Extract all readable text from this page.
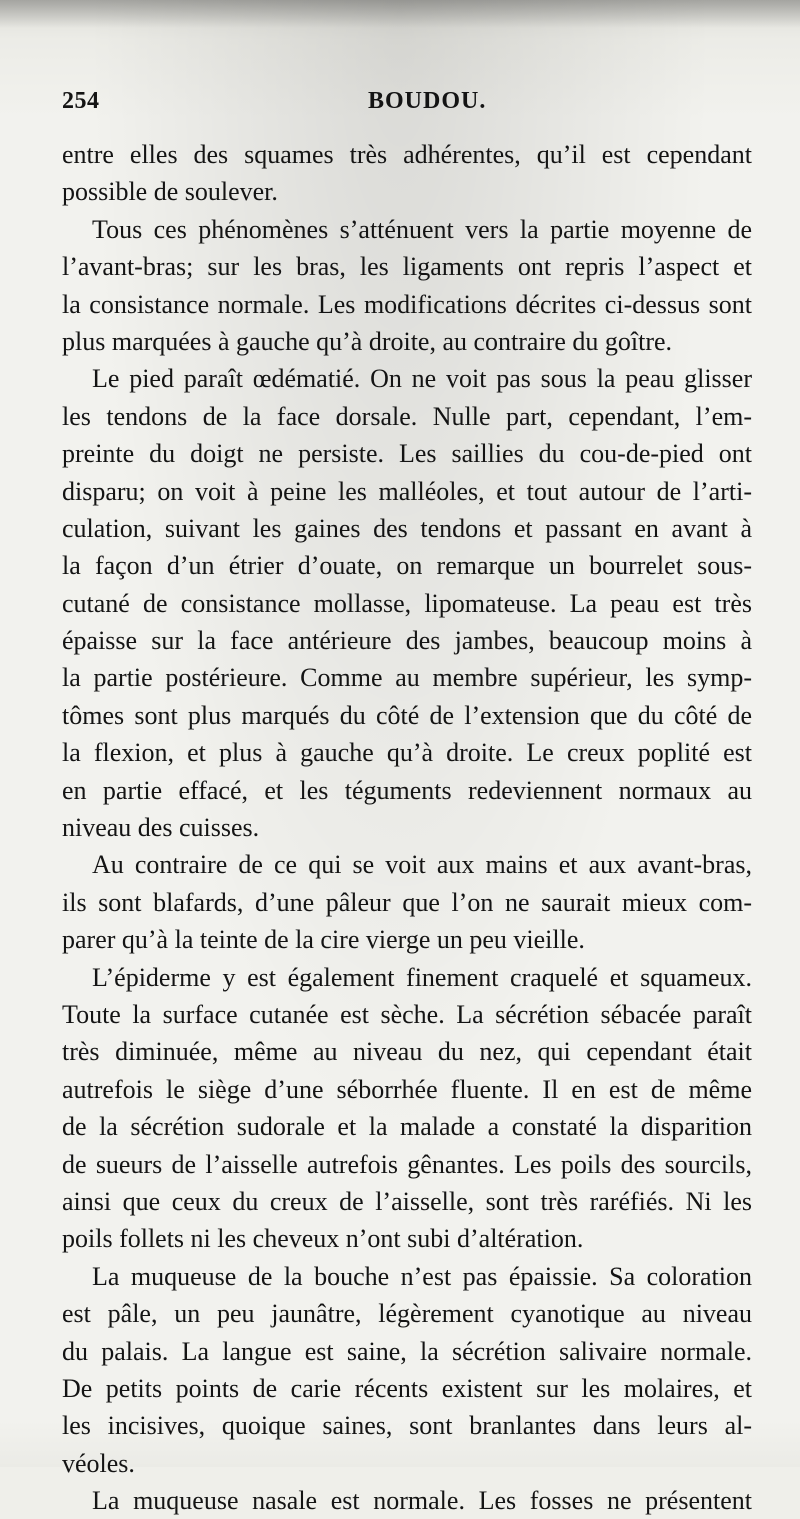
254	BOUDOU.
entre elles des squames très adhérentes, qu’il est cependant
possible de soulever.
Tous ces phénomènes s’atténuent vers la partie moyenne de
l’avant-bras; sur les bras, les ligaments ont repris l’aspect et
la consistance normale. Les modifications décrites ci-dessus sont
plus marquées à gauche qu’à droite, au contraire du goître.
Le pied paraît œdématié. On ne voit pas sous la peau glisser
les tendons de la face dorsale. Nulle part, cependant, l’em-
preinte du doigt ne persiste. Les saillies du cou-de-pied ont
disparu; on voit à peine les malléoles, et tout autour de l’arti-
culation, suivant les gaines des tendons et passant en avant à
la façon d’un étrier d’ouate, on remarque un bourrelet sous-
cutané de consistance mollasse, lipomateuse. La peau est très
épaisse sur la face antérieure des jambes, beaucoup moins à
la partie postérieure. Comme au membre supérieur, les symp-
tômes sont plus marqués du côté de l’extension que du côté de
la flexion, et plus à gauche qu’à droite. Le creux poplité est
en partie effacé, et les téguments redeviennent normaux au
niveau des cuisses.
Au contraire de ce qui se voit aux mains et aux avant-bras,
ils sont blafards, d’une pâleur que l’on ne saurait mieux com-
parer qu’à la teinte de la cire vierge un peu vieille.
L’épiderme y est également finement craquelé et squameux.
Toute la surface cutanée est sèche. La sécrétion sébacée paraît
très diminuée, même au niveau du nez, qui cependant était
autrefois le siège d’une séborrhée fluente. Il en est de même
de la sécrétion sudorale et la malade a constaté la disparition
de sueurs de l’aisselle autrefois gênantes. Les poils des sourcils,
ainsi que ceux du creux de l’aisselle, sont très raréfiés. Ni les
poils follets ni les cheveux n’ont subi d’altération.
La muqueuse de la bouche n’est pas épaissie. Sa coloration
est pâle, un peu jaunâtre, légèrement cyanotique au niveau
du palais. La langue est saine, la sécrétion salivaire normale.
De petits points de carie récents existent sur les molaires, et
les incisives, quoique saines, sont branlantes dans leurs al-
véoles.
La muqueuse nasale est normale. Les fosses ne présentent
